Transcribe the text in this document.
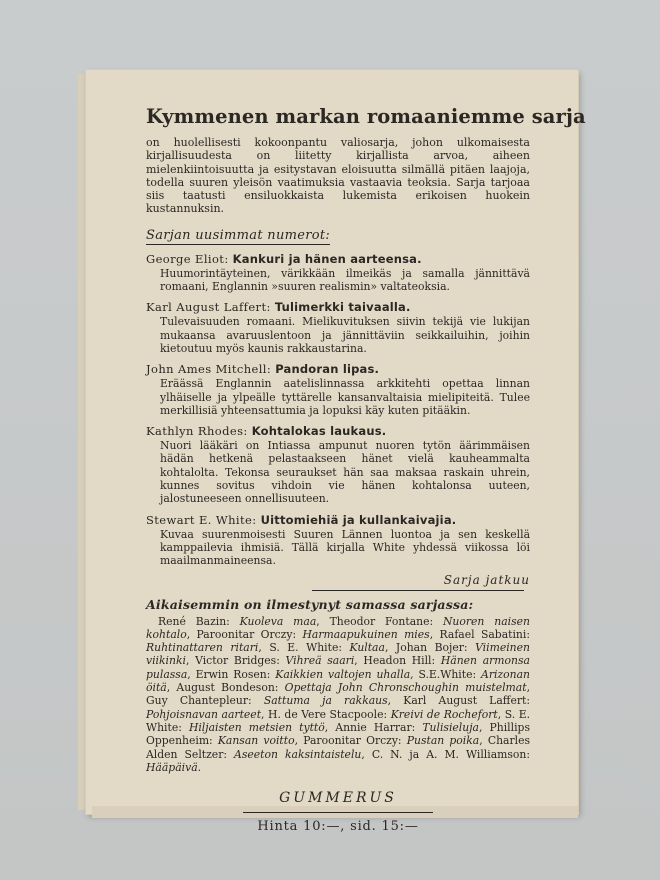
Kymmenen markan romaaniemme sarja
on huolellisesti kokoonpantu valiosarja, johon ulkomaisesta kirjallisuudesta on liitetty kirjallista arvoa, aiheen mielenkiintoisuutta ja esitystavan eloisuutta silmällä pitäen laajoja, todella suuren yleisön vaatimuksia vastaavia teoksia. Sarja tarjoaa siis taatusti ensiluokkaista lukemista erikoisen huokein kustannuksin.
Sarjan uusimmat numerot:
George Eliot: Kankuri ja hänen aarteensa.
Huumorintäyteinen, värikkään ilmeikäs ja samalla jännittävä romaani, Englannin »suuren realismin» valtateoksia.
Karl August Laffert: Tulimerkki taivaalla.
Tulevaisuuden romaani. Mielikuvituksen siivin tekijä vie lukijan mukaansa avaruuslentoon ja jännittäviin seikkailuihin, joihin kietoutuu myös kaunis rakkaustarina.
John Ames Mitchell: Pandoran lipas.
Eräässä Englannin aatelislinnassa arkkitehti opettaa linnan ylhäiselle ja ylpeälle tyttärelle kansanvaltaisia mielipiteitä. Tulee merkillisiä yhteensattumia ja lopuksi käy kuten pitääkin.
Kathlyn Rhodes: Kohtalokas laukaus.
Nuori lääkäri on Intiassa ampunut nuoren tytön äärimmäisen hädän hetkenä pelastaakseen hänet vielä kauheammalta kohtalolta. Tekonsa seuraukset hän saa maksaa raskain uhrein, kunnes sovitus vihdoin vie hänen kohtalonsa uuteen, jalostuneeseen onnellisuuteen.
Stewart E. White: Uittomiehiä ja kullankaivajia.
Kuvaa suurenmoisesti Suuren Lännen luontoa ja sen keskellä kamppailevia ihmisiä. Tällä kirjalla White yhdessä viikossa löi maailmanmaineensa.
Sarja jatkuu
Aikaisemmin on ilmestynyt samassa sarjassa:
René Bazin: Kuoleva maa, Theodor Fontane: Nuoren naisen kohtalo, Paroonitar Orczy: Harmaapukuinen mies, Rafael Sabatini: Ruhtinattaren ritari, S. E. White: Kultaa, Johan Bojer: Viimeinen viikinki, Victor Bridges: Vihreä saari, Headon Hill: Hänen armonsa pulassa, Erwin Rosen: Kaikkien valtojen uhalla, S.E.White: Arizonan öitä, August Bondeson: Opettaja John Chronschoughin muistelmat, Guy Chantepleur: Sattuma ja rakkaus, Karl August Laffert: Pohjoisnavan aarteet, H. de Vere Stacpoole: Kreivi de Rochefort, S. E. White: Hiljaisten metsien tyttö, Annie Harrar: Tulisieluja, Phillips Oppenheim: Kansan voitto, Paroonitar Orczy: Pustan poika, Charles Alden Seltzer: Aseeton kaksintaistelu, C. N. ja A. M. Williamson: Hääpäivä.
GUMMERUS
Hinta 10:—, sid. 15:—
